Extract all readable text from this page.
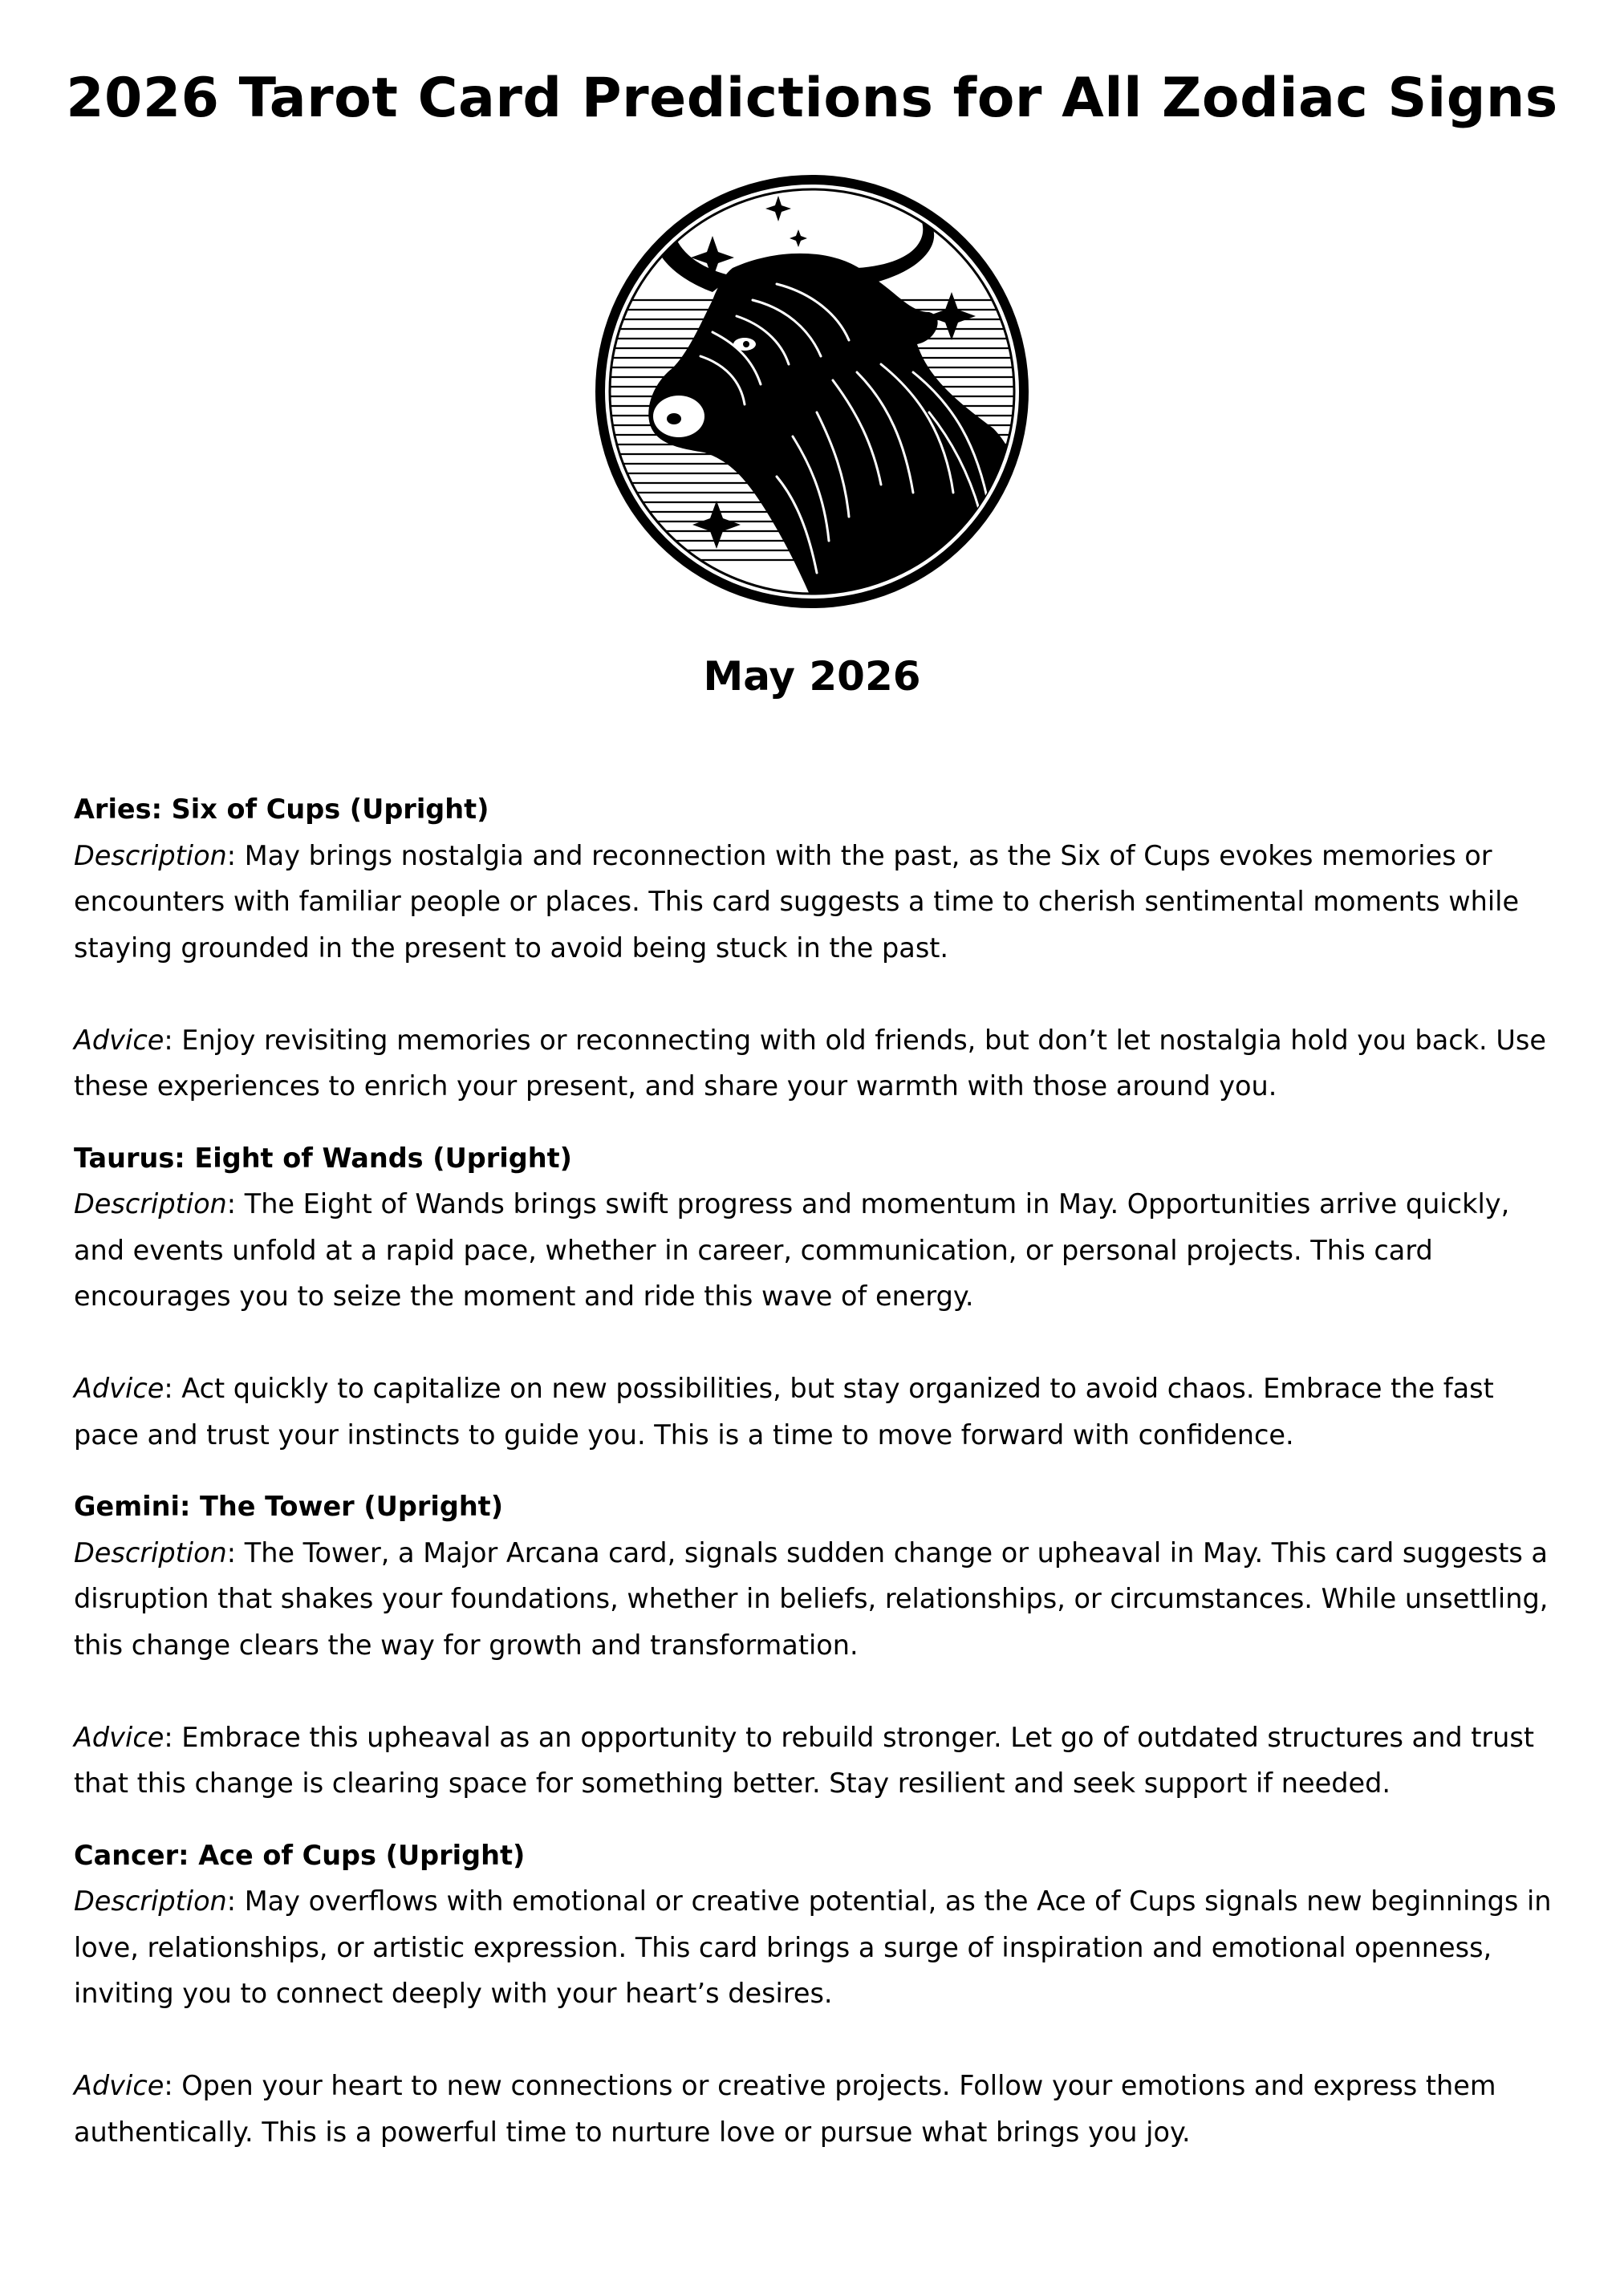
2026 Tarot Card Predictions for All Zodiac Signs
May 2026

Aries: Six of Cups (Upright)

Description: May brings nostalgia and reconnection with the past, as the Six of Cups evokes memories or encounters with familiar people or places. This card suggests a time to cherish sentimental moments while staying grounded in the present to avoid being stuck in the past.

Advice: Enjoy revisiting memories or reconnecting with old friends, but don’t let nostalgia hold you back. Use these experiences to enrich your present, and share your warmth with those around you.

Taurus: Eight of Wands (Upright)

Description: The Eight of Wands brings swift progress and momentum in May. Opportunities arrive quickly, and events unfold at a rapid pace, whether in career, communication, or personal projects. This card encourages you to seize the moment and ride this wave of energy.

Advice: Act quickly to capitalize on new possibilities, but stay organized to avoid chaos. Embrace the fast pace and trust your instincts to guide you. This is a time to move forward with confidence.

Gemini: The Tower (Upright)

Description: The Tower, a Major Arcana card, signals sudden change or upheaval in May. This card suggests a disruption that shakes your foundations, whether in beliefs, relationships, or circumstances. While unsettling, this change clears the way for growth and transformation.

Advice: Embrace this upheaval as an opportunity to rebuild stronger. Let go of outdated structures and trust that this change is clearing space for something better. Stay resilient and seek support if needed.

Cancer: Ace of Cups (Upright)

Description: May overflows with emotional or creative potential, as the Ace of Cups signals new beginnings in love, relationships, or artistic expression. This card brings a surge of inspiration and emotional openness, inviting you to connect deeply with your heart’s desires.

Advice: Open your heart to new connections or creative projects. Follow your emotions and express them authentically. This is a powerful time to nurture love or pursue what brings you joy.
